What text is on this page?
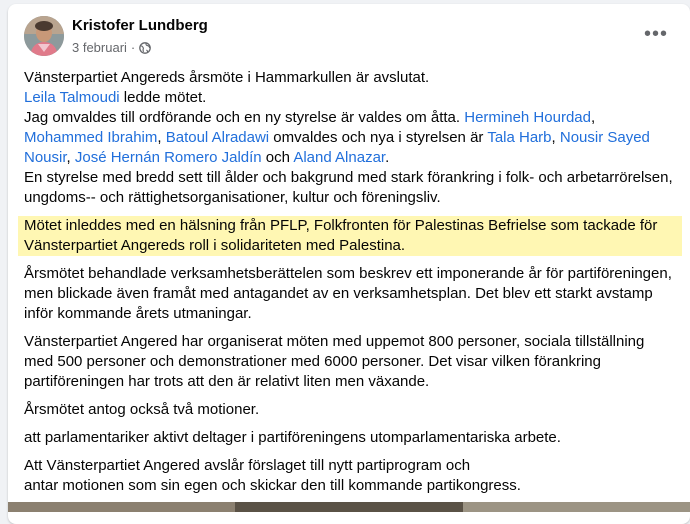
Kristofer Lundberg
3 februari ·
•••
Vänsterpartiet Angereds årsmöte i Hammarkullen är avslutat.
Leila Talmoudi ledde mötet.
Jag omvaldes till ordförande och en ny styrelse är valdes om åtta. Hermineh Hourdad, Mohammed Ibrahim, Batoul Alradawi omvaldes och nya i styrelsen är Tala Harb, Nousir Sayed Nousir, José Hernán Romero Jaldín och Aland Alnazar.
En styrelse med bredd sett till ålder och bakgrund med stark förankring i folk- och arbetarrörelsen, ungdoms-- och rättighetsorganisationer, kultur och föreningsliv.
Mötet inleddes med en hälsning från PFLP, Folkfronten för Palestinas Befrielse som tackade för Vänsterpartiet Angereds roll i solidariteten med Palestina.
Årsmötet behandlade verksamhetsberättelen som beskrev ett imponerande år för partiföreningen, men blickade även framåt med antagandet av en verksamhetsplan. Det blev ett starkt avstamp inför kommande årets utmaningar.
Vänsterpartiet Angered har organiserat möten med uppemot 800 personer, sociala tillställning med 500 personer och demonstrationer med 6000 personer. Det visar vilken förankring partiföreningen har trots att den är relativt liten men växande.
Årsmötet antog också två motioner.
att parlamentariker aktivt deltager i partiföreningens utomparlamentariska arbete.
Att Vänsterpartiet Angered avslår förslaget till nytt partiprogram och
antar motionen som sin egen och skickar den till kommande partikongress.
